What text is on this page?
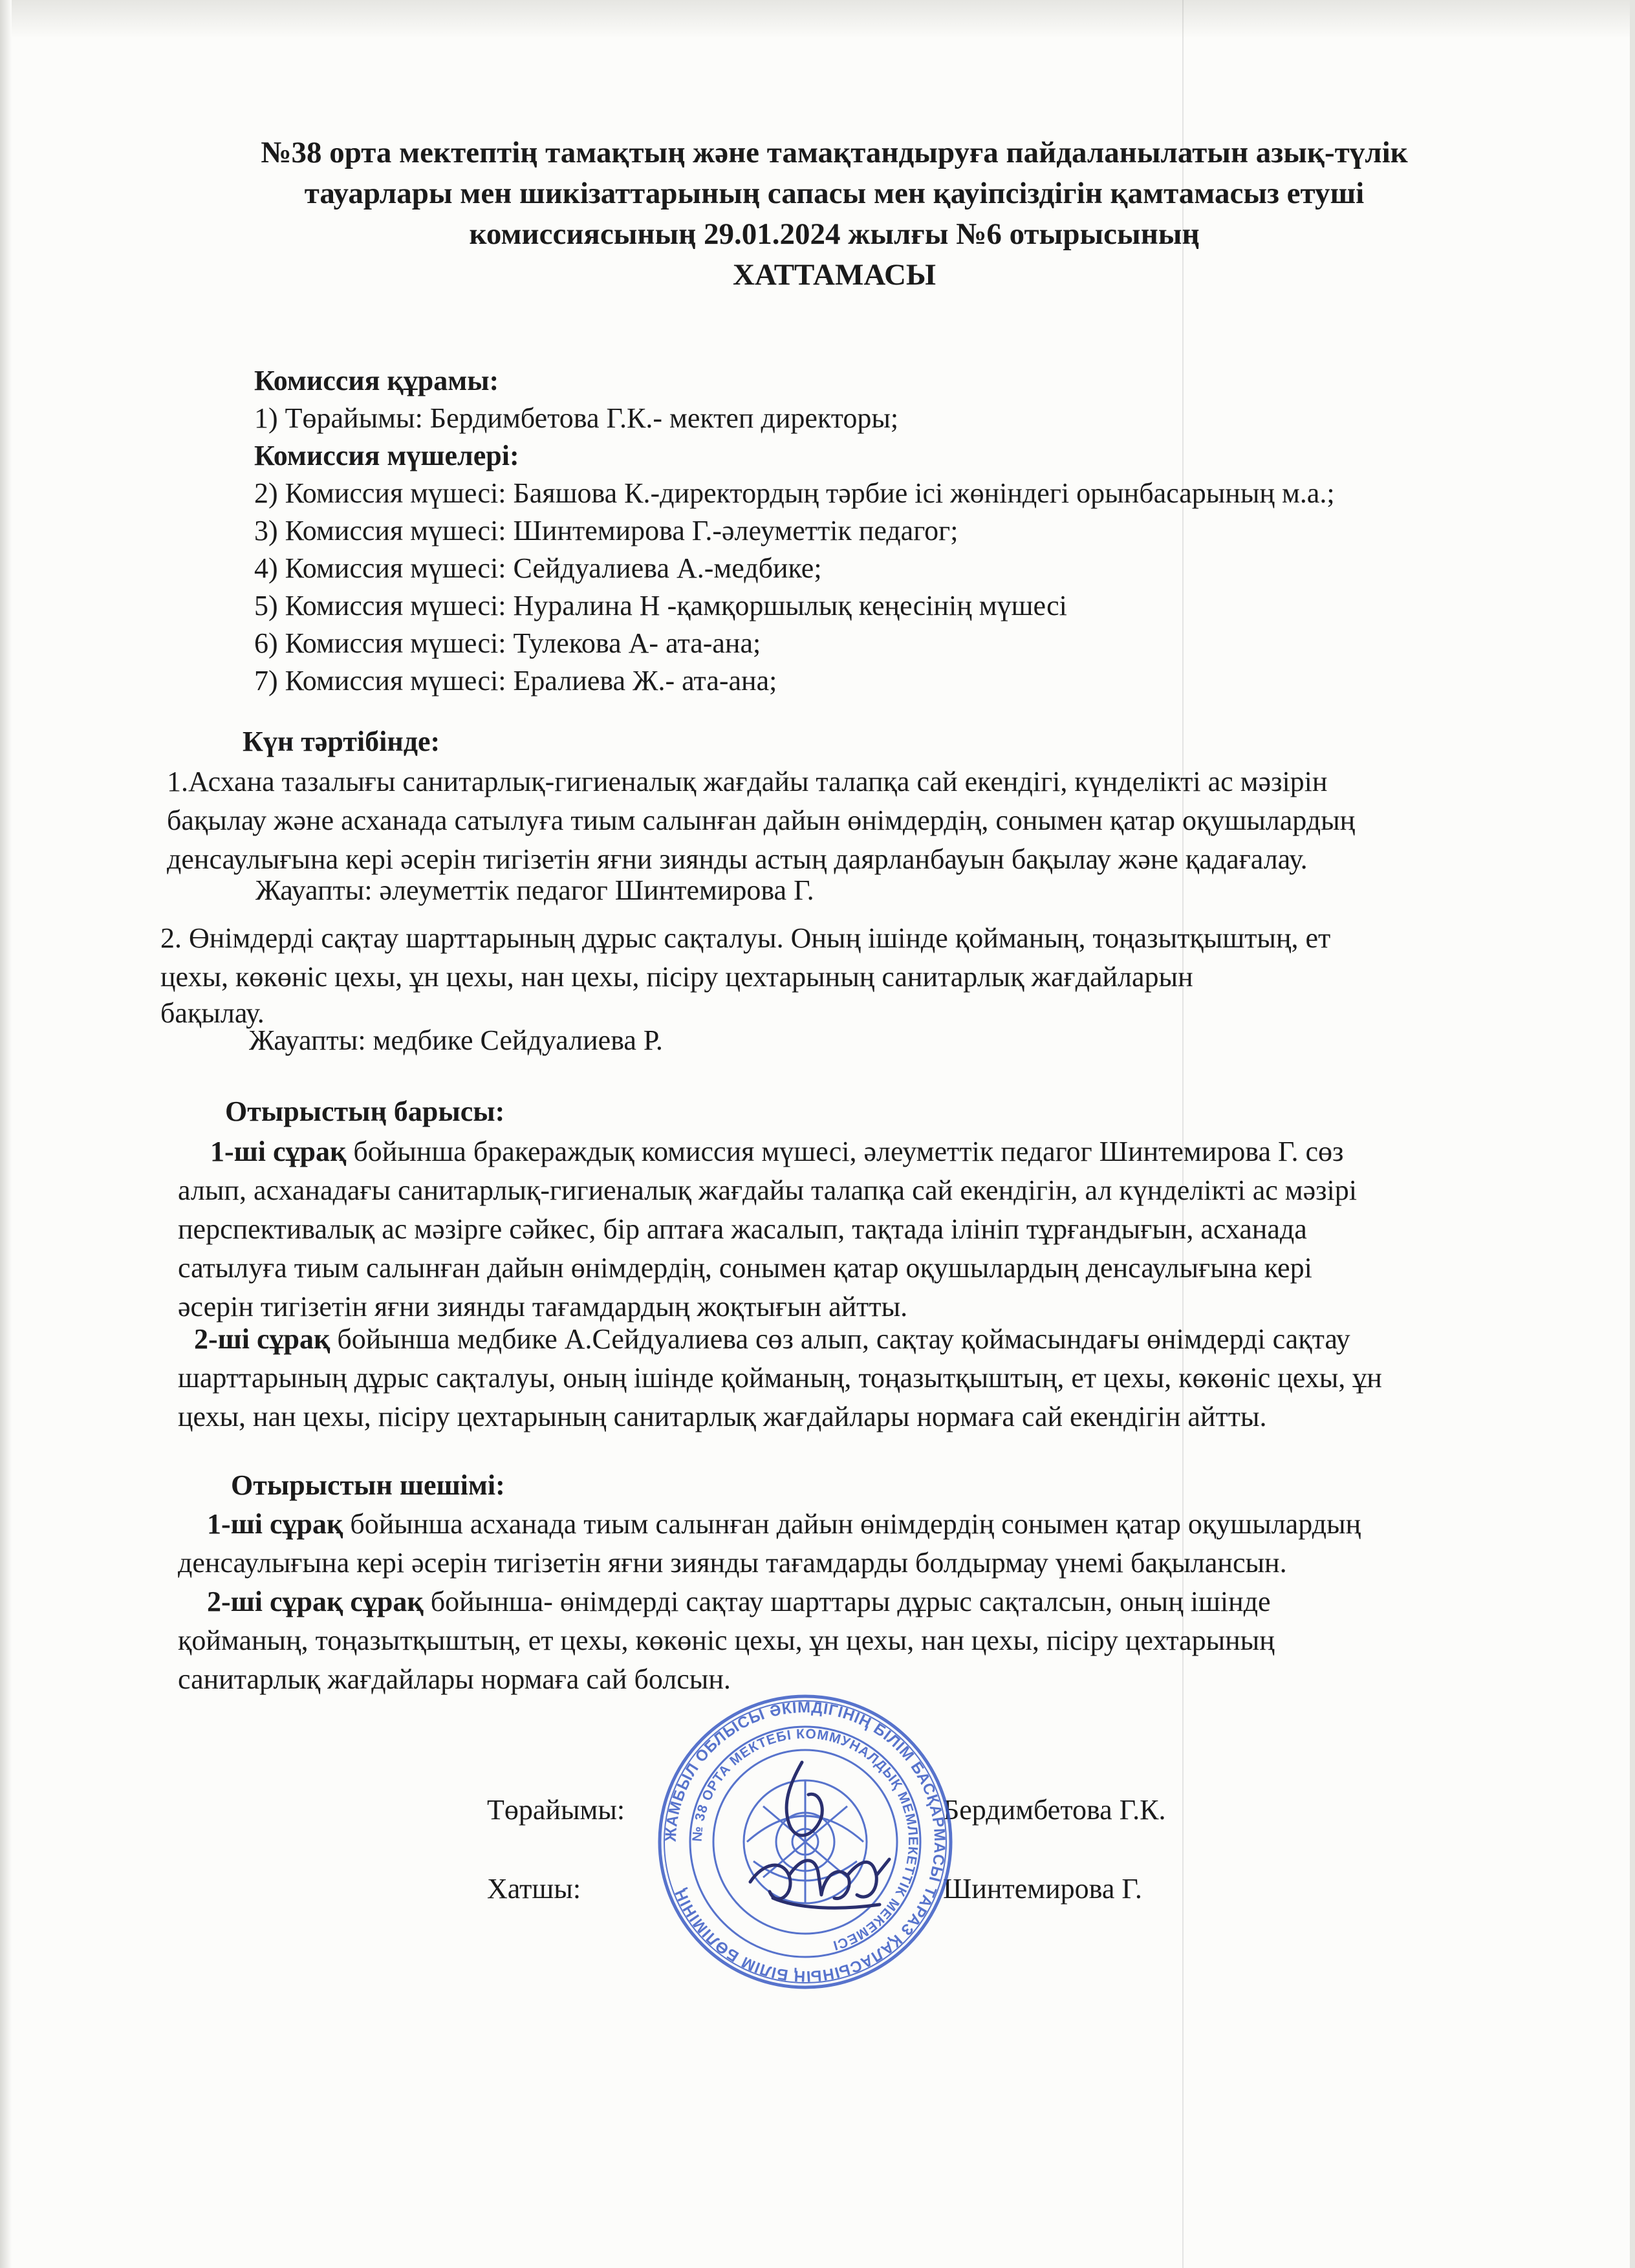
№38 орта мектептің тамақтың және тамақтандыруға пайдаланылатын азық-түлік
тауарлары мен шикізаттарының сапасы мен қауіпсіздігін қамтамасыз етуші
комиссиясының 29.01.2024 жылғы №6 отырысының
ХАТТАМАСЫ
Комиссия құрамы:
1) Төрайымы: Бердимбетова Г.К.- мектеп директоры;
Комиссия мүшелері:
2) Комиссия мүшесі: Баяшова К.-директордың тәрбие ісі жөніндегі орынбасарының м.а.;
3) Комиссия мүшесі: Шинтемирова Г.-әлеуметтік педагог;
4) Комиссия мүшесі: Сейдуалиева А.-медбике;
5) Комиссия мүшесі: Нуралина Н -қамқоршылық кеңесінің мүшесі
6) Комиссия мүшесі: Тулекова А- ата-ана;
7) Комиссия мүшесі: Ералиева Ж.- ата-ана;
Күн тәртібінде:
1.Асхана тазалығы санитарлық-гигиеналық жағдайы талапқа сай екендігі, күнделікті ас мәзірін
бақылау және асханада сатылуға тиым салынған дайын өнімдердің, сонымен қатар оқушылардың
денсаулығына кері әсерін тигізетін яғни зиянды астың даярланбауын бақылау және қадағалау.
Жауапты: әлеуметтік педагог Шинтемирова Г.
2. Өнімдерді сақтау шарттарының дұрыс сақталуы. Оның ішінде қойманың, тоңазытқыштың, ет
цехы, көкөніс цехы, ұн цехы, нан цехы, пісіру цехтарының санитарлық жағдайларын
бақылау.
Жауапты: медбике Сейдуалиева Р.
Отырыстың барысы:
1-ші сұрақ бойынша бракераждық комиссия мүшесі, әлеуметтік педагог Шинтемирова Г. сөз
алып, асханадағы санитарлық-гигиеналық жағдайы талапқа сай екендігін, ал күнделікті ас мәзірі
перспективалық ас мәзірге сәйкес, бір аптаға жасалып, тақтада ілініп тұрғандығын, асханада
сатылуға тиым салынған дайын өнімдердің, сонымен қатар оқушылардың денсаулығына кері
әсерін тигізетін яғни зиянды тағамдардың жоқтығын айтты.
2-ші сұрақ бойынша медбике А.Сейдуалиева сөз алып, сақтау қоймасындағы өнімдерді сақтау
шарттарының дұрыс сақталуы, оның ішінде қойманың, тоңазытқыштың, ет цехы, көкөніс цехы, ұн
цехы, нан цехы, пісіру цехтарының санитарлық жағдайлары нормаға сай екендігін айтты.
Отырыстын шешімі:
1-ші сұрақ бойынша асханада тиым салынған дайын өнімдердің сонымен қатар оқушылардың
денсаулығына кері әсерін тигізетін яғни зиянды тағамдарды болдырмау үнемі бақылансын.
2-ші сұрақ сұрақ бойынша- өнімдерді сақтау шарттары дұрыс сақталсын, оның ішінде
қойманың, тоңазытқыштың, ет цехы, көкөніс цехы, ұн цехы, нан цехы, пісіру цехтарының
санитарлық жағдайлары нормаға сай болсын.
Төрайымы:	Бердимбетова Г.К.
Хатшы:	Шинтемирова Г.
ЖАМБЫЛ ОБЛЫСЫ ӘКІМДІГІНІҢ БІЛІМ БАСҚАРМАСЫ ТАРАЗ ҚАЛАСЫНЫҢ БІЛІМ БӨЛІМІНІҢ
№ 38 ОРТА МЕКТЕБІ КОММУНАЛДЫҚ МЕМЛЕКЕТТІК МЕКЕМЕСІ
